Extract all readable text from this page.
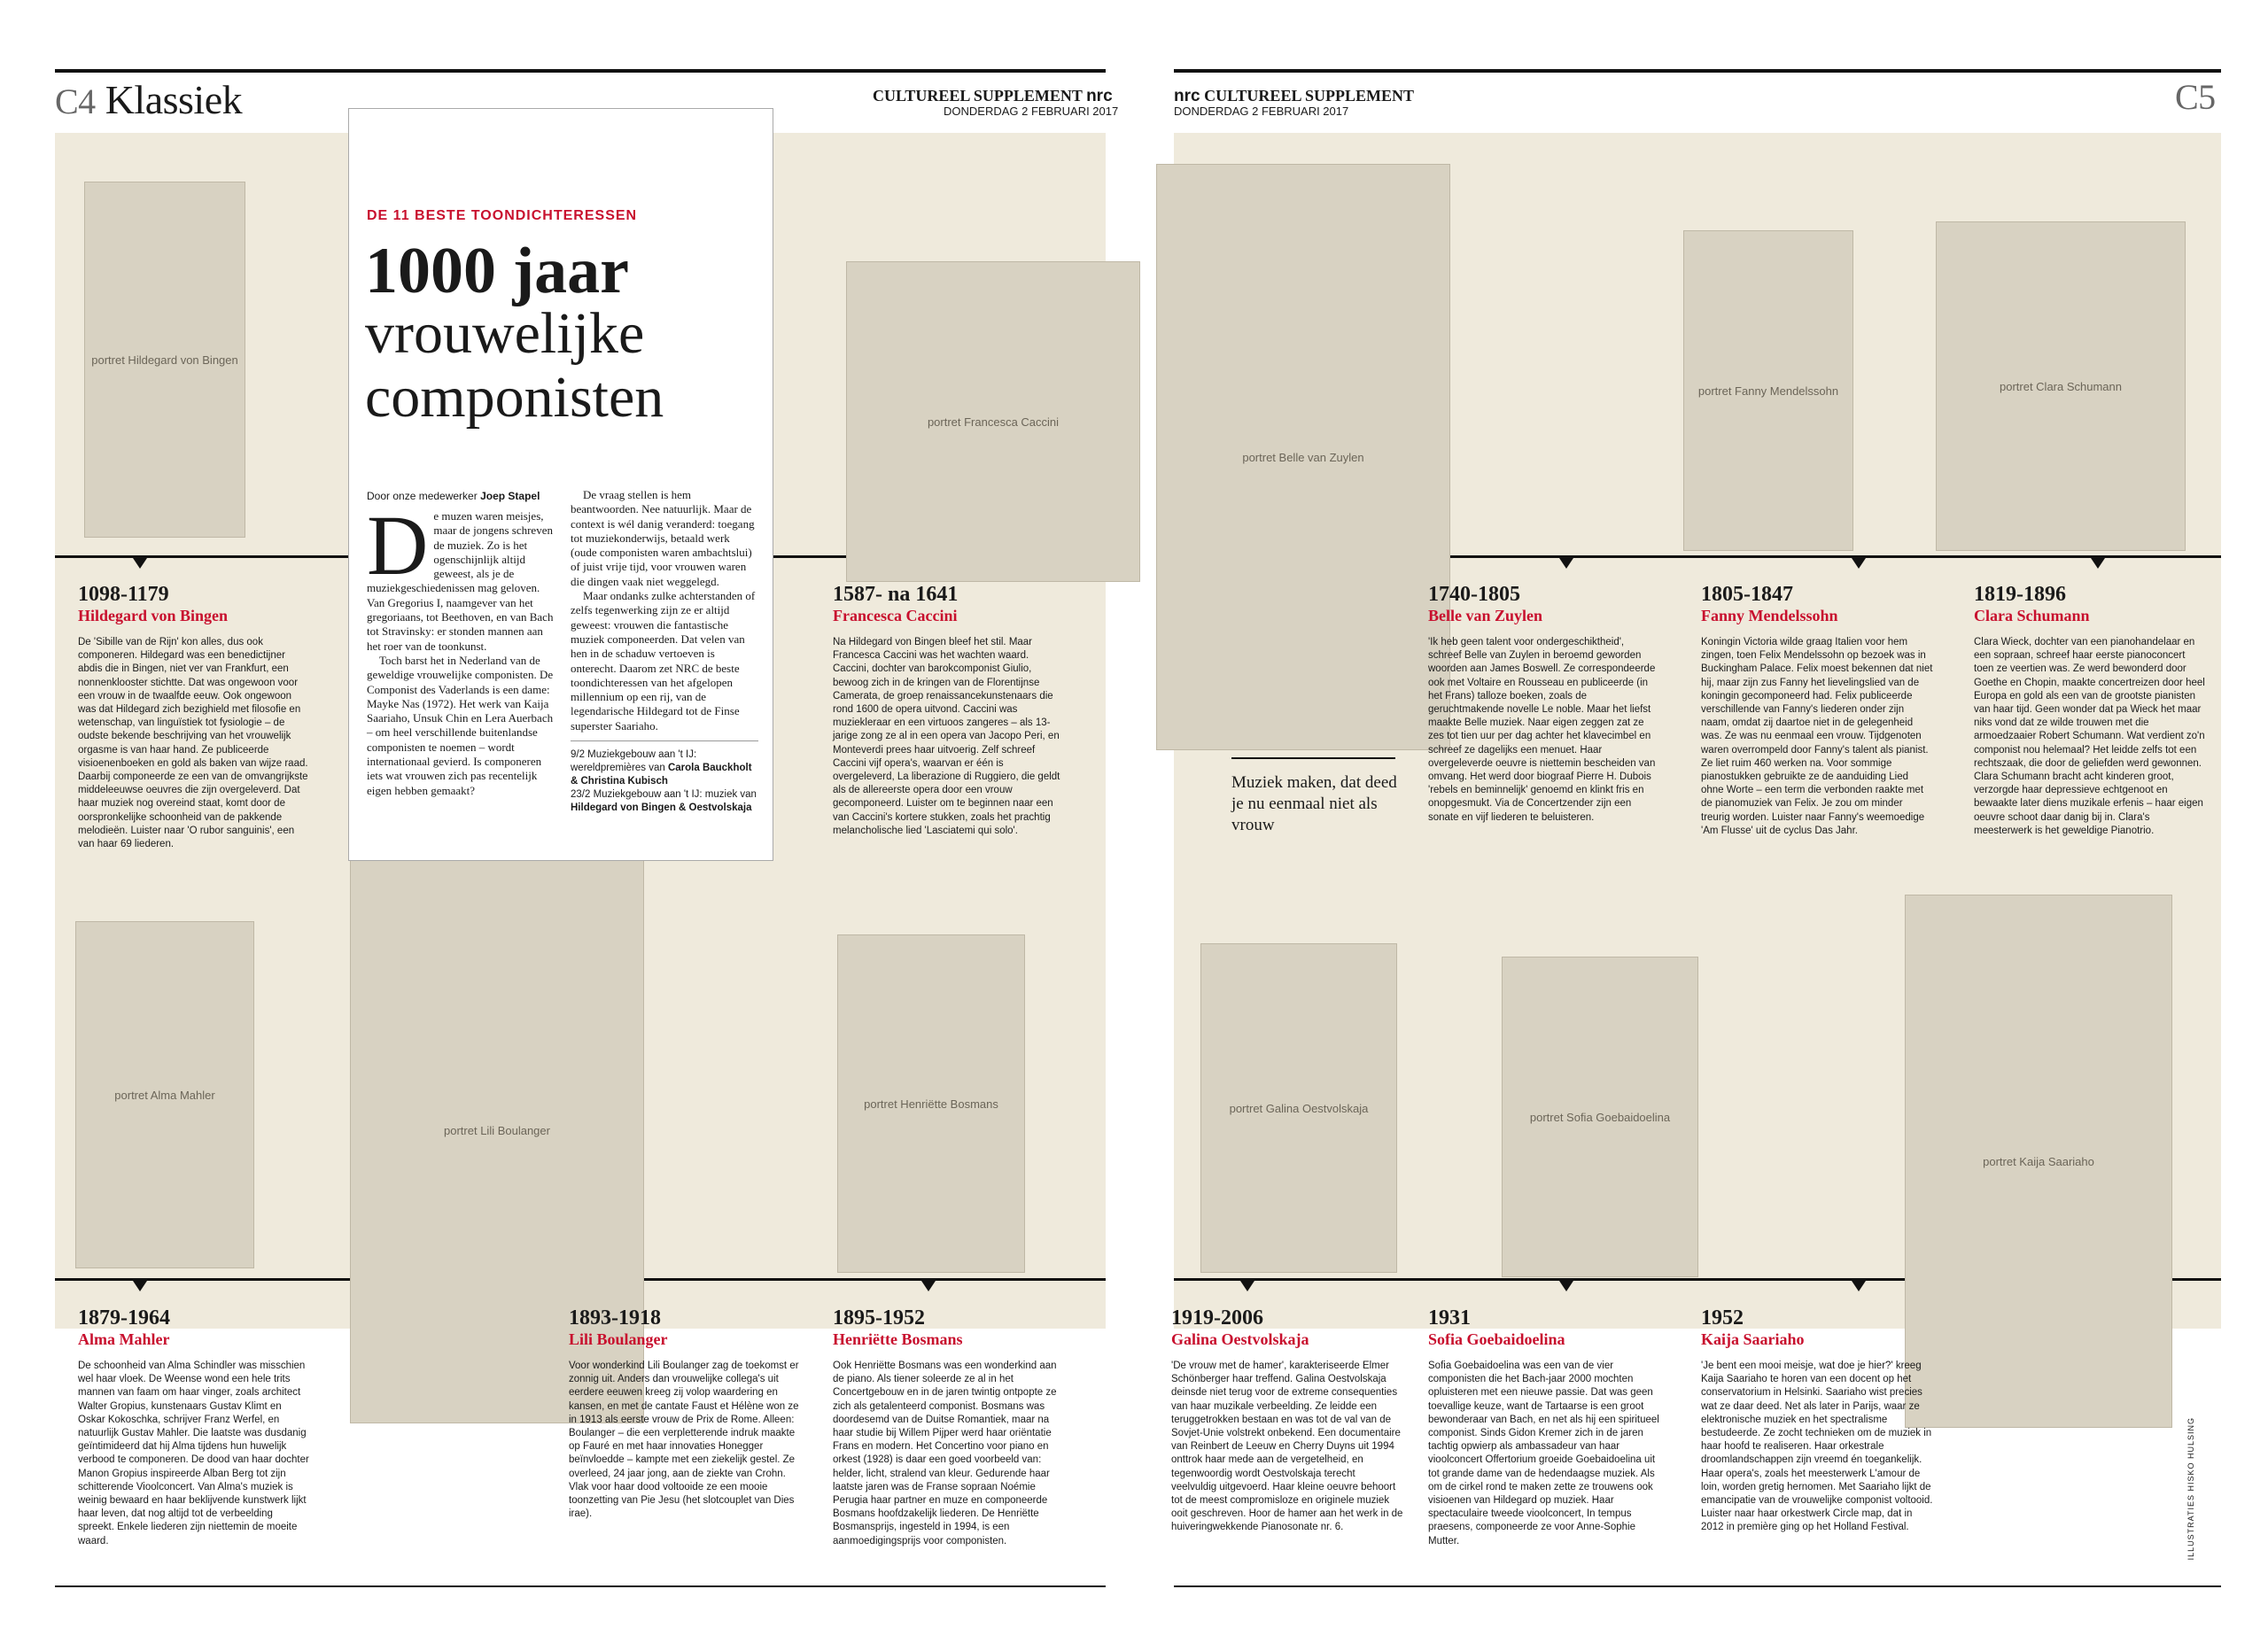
C4 Klassiek	CULTUREEL SUPPLEMENT nrc
DONDERDAG 2 FEBRUARI 2017
nrc CULTUREEL SUPPLEMENT
DONDERDAG 2 FEBRUARI 2017	C5
portret Hildegard von Bingen
portret Francesca Caccini
portret Belle van Zuylen
portret Fanny Mendelssohn	portret Clara Schumann
portret Alma Mahler
portret Lili Boulanger
portret Henriëtte Bosmans	portret Galina Oestvolskaja
portret Sofia Goebaidoelina
portret Kaija Saariaho
DE 11 BESTE TOONDICHTERESSEN
1000 jaar
vrouwelijke componisten
Door onze medewerker Joep Stapel
D e muzen waren meisjes, maar de jongens schreven de muziek. Zo is het ogenschijnlijk altijd geweest, als je de muziekgeschiedenissen mag geloven. Van Gregorius I, naamgever van het gregoriaans, tot Beethoven, en van Bach tot Stravinsky: er stonden mannen aan het roer van de toonkunst.

Toch barst het in Nederland van de geweldige vrouwelijke componisten. De Componist des Vaderlands is een dame: Mayke Nas (1972). Het werk van Kaija Saariaho, Unsuk Chin en Lera Auerbach – om heel verschillende buitenlandse componisten te noemen – wordt internationaal gevierd. Is componeren iets wat vrouwen zich pas recentelijk eigen hebben gemaakt?

De vraag stellen is hem beantwoorden. Nee natuurlijk. Maar de context is wél danig veranderd: toegang tot muziekonderwijs, betaald werk (oude componisten waren ambachtslui) of juist vrije tijd, voor vrouwen waren die dingen vaak niet weggelegd.

Maar ondanks zulke achterstanden of zelfs tegenwerking zijn ze er altijd geweest: vrouwen die fantastische muziek componeerden. Dat velen van hen in de schaduw vertoeven is onterecht. Daarom zet NRC de beste toondichteressen van het afgelopen millennium op een rij, van de legendarische Hildegard tot de Finse superster Saariaho.

9/2 Muziekgebouw aan 't IJ: wereldpremières van Carola Bauckholt & Christina Kubisch
23/2 Muziekgebouw aan 't IJ: muziek van Hildegard von Bingen & Oestvolskaja
Muziek maken, dat deed je nu eenmaal niet als vrouw
1098-1179
Hildegard von Bingen
De 'Sibille van de Rijn' kon alles, dus ook componeren. Hildegard was een benedictijner abdis die in Bingen, niet ver van Frankfurt, een nonnenklooster stichtte. Dat was ongewoon voor een vrouw in de twaalfde eeuw. Ook ongewoon was dat Hildegard zich bezighield met filosofie en wetenschap, van linguïstiek tot fysiologie – de oudste bekende beschrijving van het vrouwelijk orgasme is van haar hand. Ze publiceerde visioenenboeken en gold als baken van wijze raad. Daarbij componeerde ze een van de omvangrijkste middeleeuwse oeuvres die zijn overgeleverd. Dat haar muziek nog overeind staat, komt door de oorspronkelijke schoonheid van de pakkende melodieën. Luister naar 'O rubor sanguinis', een van haar 69 liederen.
1587- na 1641
Francesca Caccini
Na Hildegard von Bingen bleef het stil. Maar Francesca Caccini was het wachten waard. Caccini, dochter van barokcomponist Giulio, bewoog zich in de kringen van de Florentijnse Camerata, de groep renaissancekunstenaars die rond 1600 de opera uitvond. Caccini was muziekleraar en een virtuoos zangeres – als 13-jarige zong ze al in een opera van Jacopo Peri, en Monteverdi prees haar uitvoerig. Zelf schreef Caccini vijf opera's, waarvan er één is overgeleverd, La liberazione di Ruggiero, die geldt als de allereerste opera door een vrouw gecomponeerd. Luister om te beginnen naar een van Caccini's kortere stukken, zoals het prachtig melancholische lied 'Lasciatemi qui solo'.
1740-1805
Belle van Zuylen
'Ik heb geen talent voor ondergeschiktheid', schreef Belle van Zuylen in beroemd geworden woorden aan James Boswell. Ze correspondeerde ook met Voltaire en Rousseau en publiceerde (in het Frans) talloze boeken, zoals de geruchtmakende novelle Le noble. Maar het liefst maakte Belle muziek. Naar eigen zeggen zat ze zes tot tien uur per dag achter het klavecimbel en schreef ze dagelijks een menuet. Haar overgeleverde oeuvre is niettemin bescheiden van omvang. Het werd door biograaf Pierre H. Dubois 'rebels en beminnelijk' genoemd en klinkt fris en onopgesmukt. Via de Concertzender zijn een sonate en vijf liederen te beluisteren.
1805-1847
Fanny Mendelssohn
Koningin Victoria wilde graag Italien voor hem zingen, toen Felix Mendelssohn op bezoek was in Buckingham Palace. Felix moest bekennen dat niet hij, maar zijn zus Fanny het lievelingslied van de koningin gecomponeerd had. Felix publiceerde verschillende van Fanny's liederen onder zijn naam, omdat zij daartoe niet in de gelegenheid was. Ze was nu eenmaal een vrouw. Tijdgenoten waren overrompeld door Fanny's talent als pianist. Ze liet ruim 460 werken na. Voor sommige pianostukken gebruikte ze de aanduiding Lied ohne Worte – een term die verbonden raakte met de pianomuziek van Felix. Je zou om minder treurig worden. Luister naar Fanny's weemoedige 'Am Flusse' uit de cyclus Das Jahr.
1819-1896
Clara Schumann
Clara Wieck, dochter van een pianohandelaar en een sopraan, schreef haar eerste pianoconcert toen ze veertien was. Ze werd bewonderd door Goethe en Chopin, maakte concertreizen door heel Europa en gold als een van de grootste pianisten van haar tijd. Geen wonder dat pa Wieck het maar niks vond dat ze wilde trouwen met die armoedzaaier Robert Schumann. Wat verdient zo'n componist nou helemaal? Het leidde zelfs tot een rechtszaak, die door de geliefden werd gewonnen. Clara Schumann bracht acht kinderen groot, verzorgde haar depressieve echtgenoot en bewaakte later diens muzikale erfenis – haar eigen oeuvre schoot daar danig bij in. Clara's meesterwerk is het geweldige Pianotrio.
1879-1964
Alma Mahler
De schoonheid van Alma Schindler was misschien wel haar vloek. De Weense wond een hele trits mannen van faam om haar vinger, zoals architect Walter Gropius, kunstenaars Gustav Klimt en Oskar Kokoschka, schrijver Franz Werfel, en natuurlijk Gustav Mahler. Die laatste was dusdanig geïntimideerd dat hij Alma tijdens hun huwelijk verbood te componeren. De dood van haar dochter Manon Gropius inspireerde Alban Berg tot zijn schitterende Vioolconcert. Van Alma's muziek is weinig bewaard en haar beklijvende kunstwerk lijkt haar leven, dat nog altijd tot de verbeelding spreekt. Enkele liederen zijn niettemin de moeite waard.
1893-1918
Lili Boulanger
Voor wonderkind Lili Boulanger zag de toekomst er zonnig uit. Anders dan vrouwelijke collega's uit eerdere eeuwen kreeg zij volop waardering en kansen, en met de cantate Faust et Hélène won ze in 1913 als eerste vrouw de Prix de Rome. Alleen: Boulanger – die een verpletterende indruk maakte op Fauré en met haar innovaties Honegger beïnvloedde – kampte met een ziekelijk gestel. Ze overleed, 24 jaar jong, aan de ziekte van Crohn. Vlak voor haar dood voltooide ze een mooie toonzetting van Pie Jesu (het slotcouplet van Dies irae).
1895-1952
Henriëtte Bosmans
Ook Henriëtte Bosmans was een wonderkind aan de piano. Als tiener soleerde ze al in het Concertgebouw en in de jaren twintig ontpopte ze zich als getalenteerd componist. Bosmans was doordesemd van de Duitse Romantiek, maar na haar studie bij Willem Pijper werd haar oriëntatie Frans en modern. Het Concertino voor piano en orkest (1928) is daar een goed voorbeeld van: helder, licht, stralend van kleur. Gedurende haar laatste jaren was de Franse sopraan Noémie Perugia haar partner en muze en componeerde Bosmans hoofdzakelijk liederen. De Henriëtte Bosmansprijs, ingesteld in 1994, is een aanmoedigingsprijs voor componisten.
1919-2006
Galina Oestvolskaja
'De vrouw met de hamer', karakteriseerde Elmer Schönberger haar treffend. Galina Oestvolskaja deinsde niet terug voor de extreme consequenties van haar muzikale verbeelding. Ze leidde een teruggetrokken bestaan en was tot de val van de Sovjet-Unie volstrekt onbekend. Een documentaire van Reinbert de Leeuw en Cherry Duyns uit 1994 onttrok haar mede aan de vergetelheid, en tegenwoordig wordt Oestvolskaja terecht veelvuldig uitgevoerd. Haar kleine oeuvre behoort tot de meest compromisloze en originele muziek ooit geschreven. Hoor de hamer aan het werk in de huiveringwekkende Pianosonate nr. 6.
1931
Sofia Goebaidoelina
Sofia Goebaidoelina was een van de vier componisten die het Bach-jaar 2000 mochten opluisteren met een nieuwe passie. Dat was geen toevallige keuze, want de Tartaarse is een groot bewonderaar van Bach, en net als hij een spiritueel componist. Sinds Gidon Kremer zich in de jaren tachtig opwierp als ambassadeur van haar vioolconcert Offertorium groeide Goebaidoelina uit tot grande dame van de hedendaagse muziek. Als om de cirkel rond te maken zette ze trouwens ook visioenen van Hildegard op muziek. Haar spectaculaire tweede vioolconcert, In tempus praesens, componeerde ze voor Anne-Sophie Mutter.
1952
Kaija Saariaho
'Je bent een mooi meisje, wat doe je hier?' kreeg Kaija Saariaho te horen van een docent op het conservatorium in Helsinki. Saariaho wist precies wat ze daar deed. Net als later in Parijs, waar ze elektronische muziek en het spectralisme bestudeerde. Ze zocht technieken om de muziek in haar hoofd te realiseren. Haar orkestrale droomlandschappen zijn vreemd én toegankelijk. Haar opera's, zoals het meesterwerk L'amour de loin, worden gretig hernomen. Met Saariaho lijkt de emancipatie van de vrouwelijke componist voltooid. Luister naar haar orkestwerk Circle map, dat in 2012 in première ging op het Holland Festival.	ILLUSTRATIES HISKO HULSING
